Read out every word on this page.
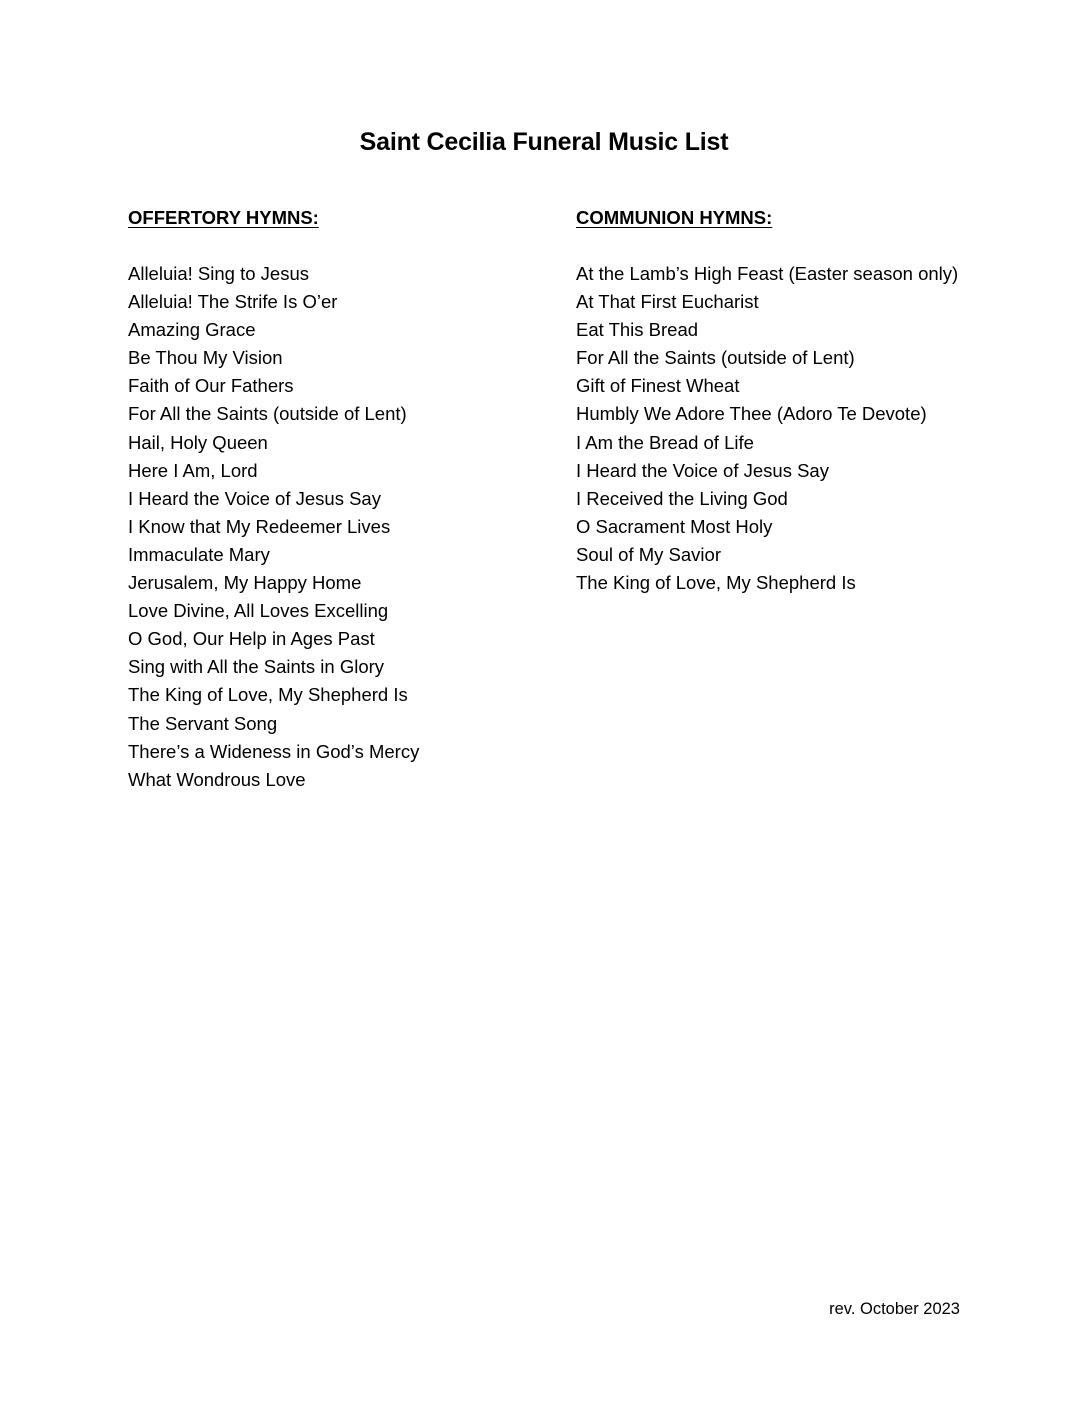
Saint Cecilia Funeral Music List
OFFERTORY HYMNS:
Alleluia! Sing to Jesus
Alleluia! The Strife Is O’er
Amazing Grace
Be Thou My Vision
Faith of Our Fathers
For All the Saints (outside of Lent)
Hail, Holy Queen
Here I Am, Lord
I Heard the Voice of Jesus Say
I Know that My Redeemer Lives
Immaculate Mary
Jerusalem, My Happy Home
Love Divine, All Loves Excelling
O God, Our Help in Ages Past
Sing with All the Saints in Glory
The King of Love, My Shepherd Is
The Servant Song
There’s a Wideness in God’s Mercy
What Wondrous Love
COMMUNION HYMNS:
At the Lamb’s High Feast (Easter season only)
At That First Eucharist
Eat This Bread
For All the Saints (outside of Lent)
Gift of Finest Wheat
Humbly We Adore Thee (Adoro Te Devote)
I Am the Bread of Life
I Heard the Voice of Jesus Say
I Received the Living God
O Sacrament Most Holy
Soul of My Savior
The King of Love, My Shepherd Is
rev. October 2023
